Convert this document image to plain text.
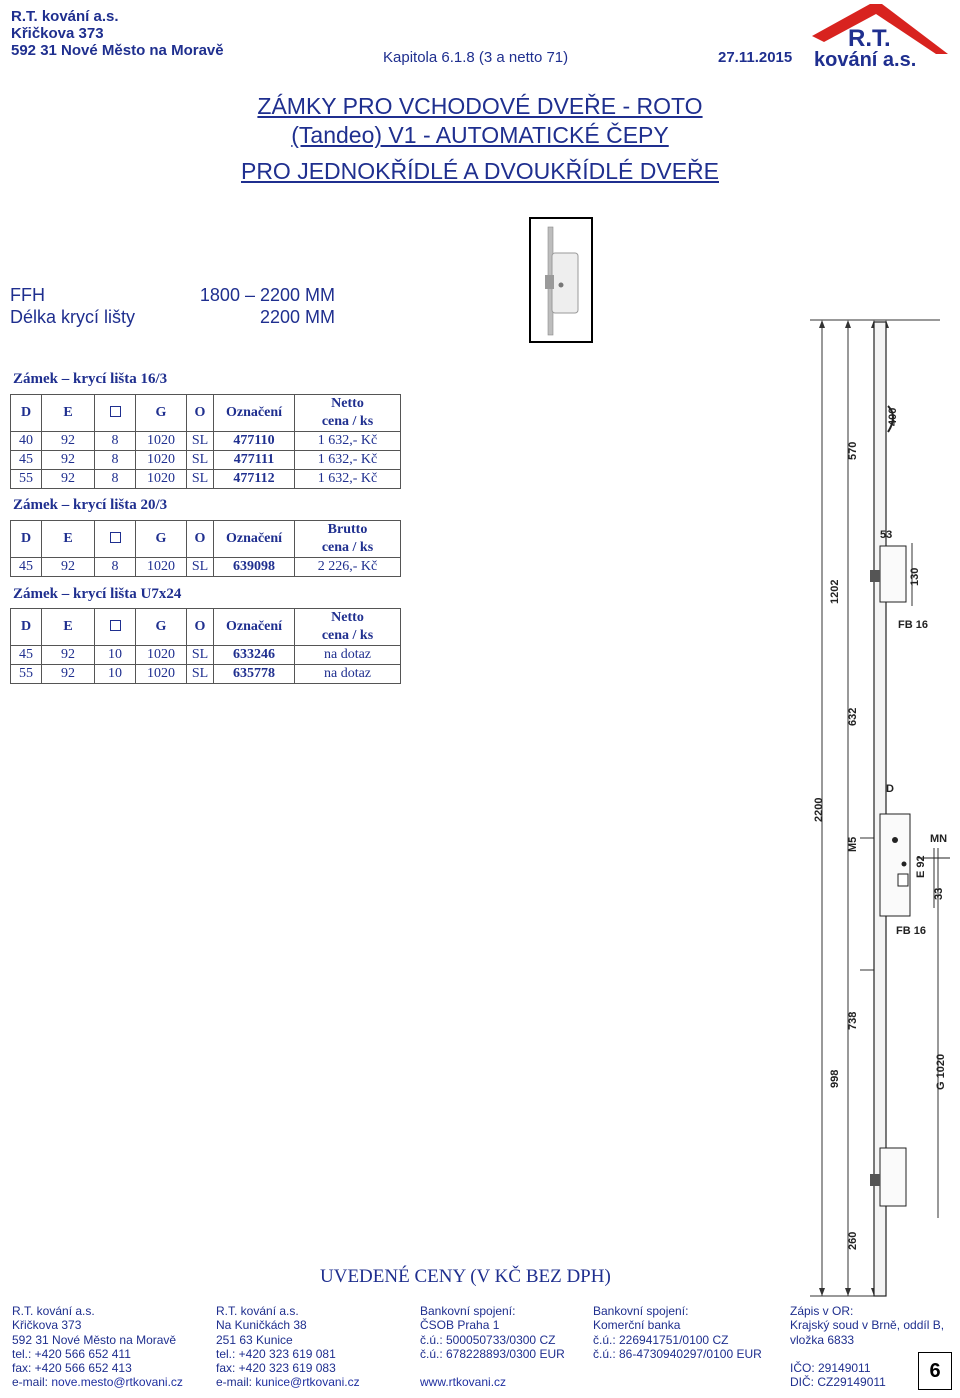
R.T. kování a.s.
Křičkova 373
592 31 Nové Město na Moravě	Kapitola 6.1.8 (3 a netto 71)	27.11.2015
R.T.
kování a.s.
ZÁMKY PRO VCHODOVÉ DVEŘE - ROTO
(Tandeo) V1 - AUTOMATICKÉ ČEPY
PRO JEDNOKŘÍDLÉ A DVOUKŘÍDLÉ DVEŘE
FFH	1800 – 2200 MM
Délka krycí lišty	2200 MM
Zámek – krycí lišta 16/3
D	E		G	O	Označení	Netto
cena / ks

40	92	8	1020	SL	477110	1 632,- Kč
45	92	8	1020	SL	477111	1 632,- Kč
55	92	8	1020	SL	477112	1 632,- Kč
Zámek – krycí lišta 20/3
D	E		G	O	Označení	Brutto
cena / ks

45	92	8	1020	SL	639098	2 226,- Kč
Zámek – krycí lišta U7x24
D	E		G	O	Označení	Netto
cena / ks

45	92	10	1020	SL	633246	na dotaz
55	92	10	1020	SL	635778	na dotaz
400
570
53
130
FB 16
1202
632
2200
D
MN
M5
E 92
33
FB 16
738
998	G 1020
260
UVEDENÉ CENY (V KČ BEZ DPH)
R.T. kování a.s.
Křičkova 373
592 31 Nové Město na Moravě
tel.: +420 566 652 411
fax: +420 566 652 413
e-mail: nove.mesto@rtkovani.cz
R.T. kování a.s.
Na Kuničkách 38
251 63 Kunice
tel.: +420 323 619 081
fax: +420 323 619 083
e-mail: kunice@rtkovani.cz
Bankovní spojení:
ČSOB Praha 1
č.ú.: 500050733/0300 CZ
č.ú.: 678228893/0300 EUR

www.rtkovani.cz
Bankovní spojení:
Komerční banka
č.ú.: 226941751/0100 CZ
č.ú.: 86-4730940297/0100 EUR
Zápis v OR:
Krajský soud v Brně, oddíl B,
vložka 6833

IČO: 29149011
DIČ: CZ29149011
6
